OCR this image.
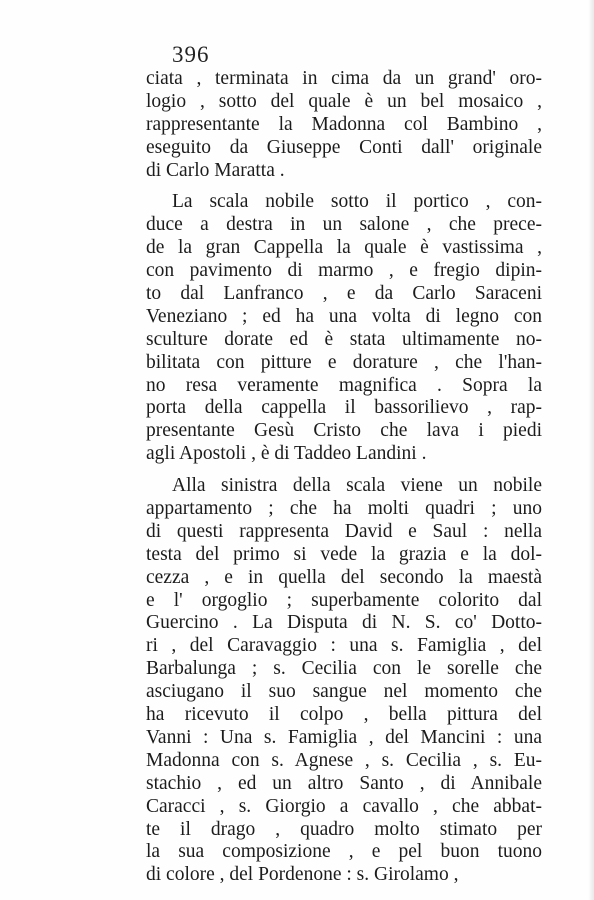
396
ciata , terminata in cima da un grand' oro-
logio , sotto del quale è un bel mosaico ,
rappresentante la Madonna col Bambino ,
eseguito da Giuseppe Conti dall' originale
di Carlo Maratta .
La scala nobile sotto il portico , con-
duce a destra in un salone , che prece-
de la gran Cappella la quale è vastissima ,
con pavimento di marmo , e fregio dipin-
to dal Lanfranco , e da Carlo Saraceni
Veneziano ; ed ha una volta di legno con
sculture dorate ed è stata ultimamente no-
bilitata con pitture e dorature , che l'han-
no resa veramente magnifica . Sopra la
porta della cappella il bassorilievo , rap-
presentante Gesù Cristo che lava i piedi
agli Apostoli , è di Taddeo Landini .
Alla sinistra della scala viene un nobile
appartamento ; che ha molti quadri ; uno
di questi rappresenta David e Saul : nella
testa del primo si vede la grazia e la dol-
cezza , e in quella del secondo la maestà
e l' orgoglio ; superbamente colorito dal
Guercino . La Disputa di N. S. co' Dotto-
ri , del Caravaggio : una s. Famiglia , del
Barbalunga ; s. Cecilia con le sorelle che
asciugano il suo sangue nel momento che
ha ricevuto il colpo , bella pittura del
Vanni : Una s. Famiglia , del Mancini : una
Madonna con s. Agnese , s. Cecilia , s. Eu-
stachio , ed un altro Santo , di Annibale
Caracci , s. Giorgio a cavallo , che abbat-
te il drago , quadro molto stimato per
la sua composizione , e pel buon tuono
di colore , del Pordenone : s. Girolamo ,
